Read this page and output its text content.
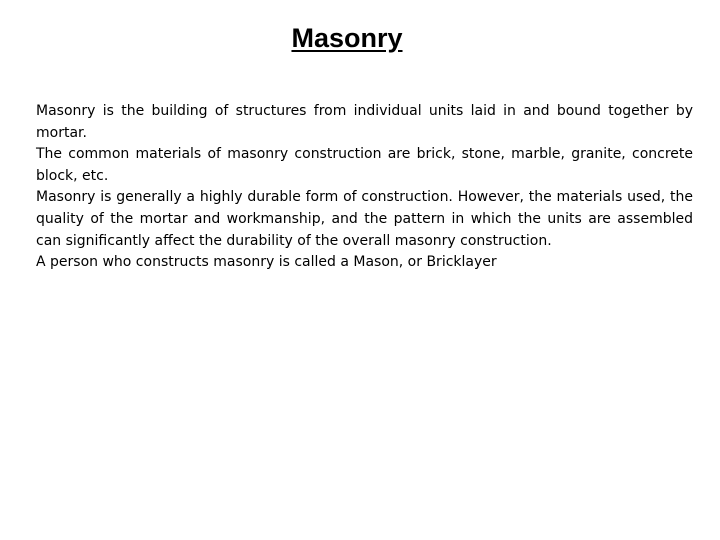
Masonry

Masonry is the building of structures from individual units laid in and bound together by mortar.

The common materials of masonry construction are brick, stone, marble, granite, concrete block, etc.

Masonry is generally a highly durable form of construction. However, the materials used, the quality of the mortar and workmanship, and the pattern in which the units are assembled can significantly affect the durability of the overall masonry construction.

A person who constructs masonry is called a Mason, or Bricklayer
